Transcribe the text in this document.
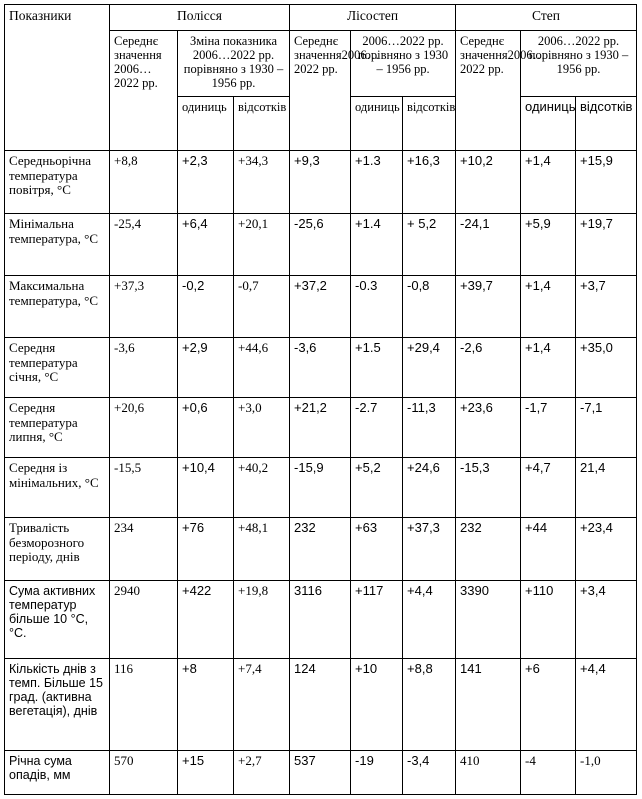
Показники	Полісся			Лісостеп			Степ		
	Середнє значення 2006…2022 рр.	Зміна показника 2006…2022 рр. порівняно з 1930 –1956 рр.		Середнє значення2006…2022 рр.	2006…2022 рр. порівняно з 1930 – 1956 рр.		Середнє значення2006…2022 рр.	2006…2022 рр. порівняно з 1930 – 1956 рр.	
		одиниць	відсотків		одиниць	відсотків		одиниць	відсотків
Середньорічна температура повітря, °С	+8,8	+2,3	+34,3	+9,3	+1.3	+16,3	+10,2	+1,4	+15,9
Мінімальна температура, °С	-25,4	+6,4	+20,1	-25,6	+1.4	+ 5,2	-24,1	+5,9	+19,7
Максимальна температура, °С	+37,3	-0,2	-0,7	+37,2	-0.3	-0,8	+39,7	+1,4	+3,7
Середня температура січня, °С	-3,6	+2,9	+44,6	-3,6	+1.5	+29,4	-2,6	+1,4	+35,0
Середня температура липня, °С	+20,6	+0,6	+3,0	+21,2	-2.7	-11,3	+23,6	-1,7	-7,1
Середня із мінімальних, °С	-15,5	+10,4	+40,2	-15,9	+5,2	+24,6	-15,3	+4,7	21,4
Тривалість безморозного періоду, днів	234	+76	+48,1	232	+63	+37,3	232	+44	+23,4
Сума активних температур більше 10 °С, °С.	2940	+422	+19,8	3116	+117	+4,4	3390	+110	+3,4
Кількість днів з темп. Більше 15 град. (активна вегетація), днів	116	+8	+7,4	124	+10	+8,8	141	+6	+4,4
Річна сума опадів, мм	570	+15	+2,7	537	-19	-3,4	410	-4	-1,0
